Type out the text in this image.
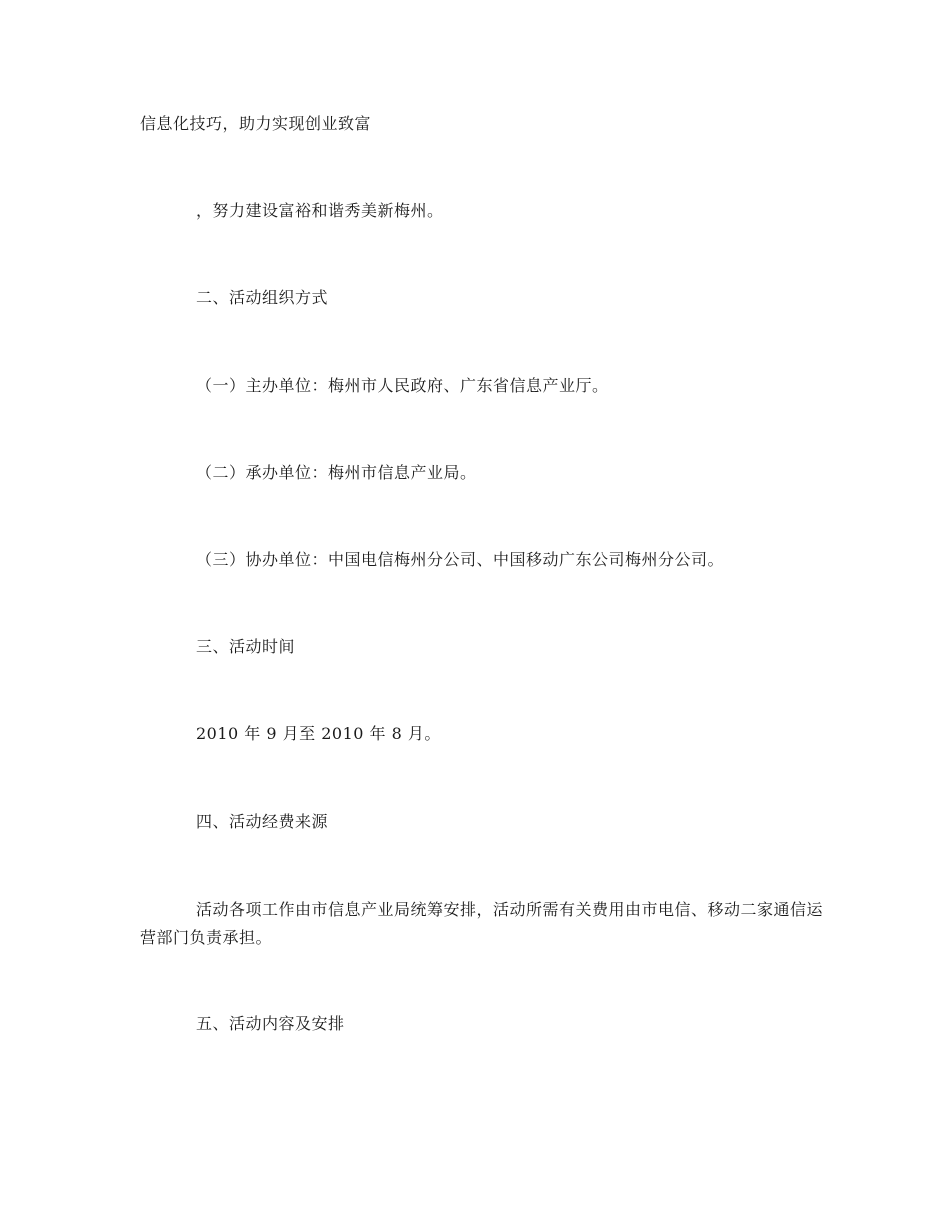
信息化技巧，助力实现创业致富
，努力建设富裕和谐秀美新梅州。
二、活动组织方式
（一）主办单位：梅州市人民政府、广东省信息产业厅。
（二）承办单位：梅州市信息产业局。
（三）协办单位：中国电信梅州分公司、中国移动广东公司梅州分公司。
三、活动时间
2010 年 9 月至 2010 年 8 月。
四、活动经费来源
活动各项工作由市信息产业局统筹安排，活动所需有关费用由市电信、移动二家通信运营部门负责承担。
五、活动内容及安排
